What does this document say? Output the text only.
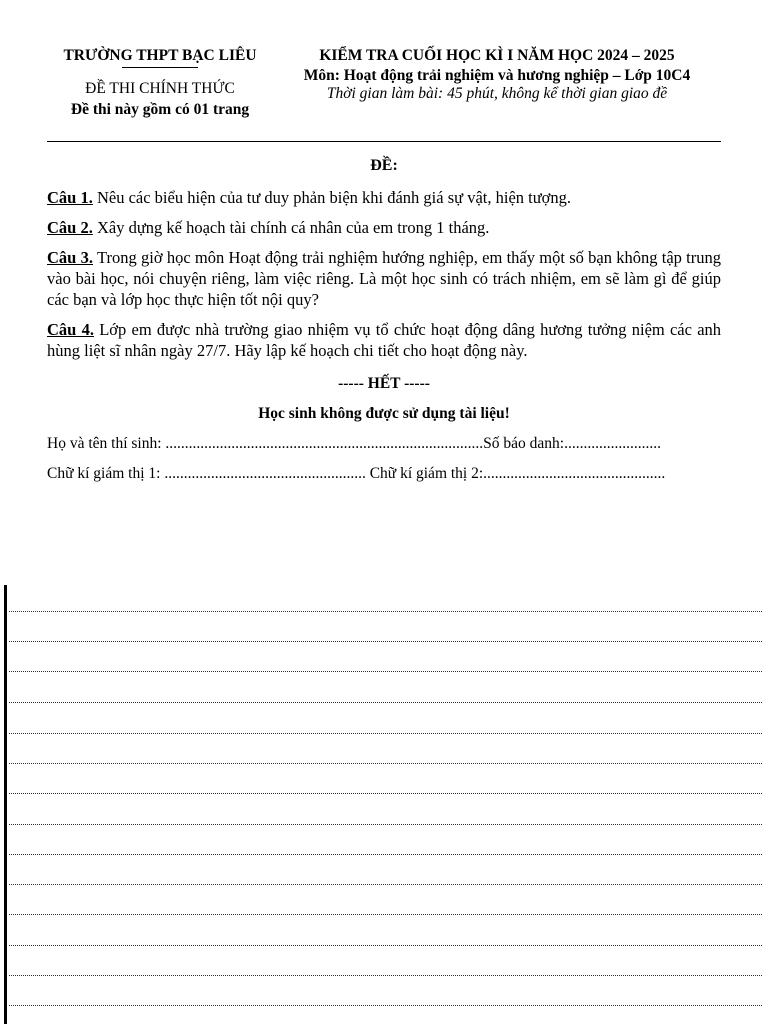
TRƯỜNG THPT BẠC LIÊU
ĐỀ THI CHÍNH THỨC
Đề thi này gồm có 01 trang
KIỂM TRA CUỐI HỌC KÌ I NĂM HỌC 2024 – 2025
Môn: Hoạt động trải nghiệm và hương nghiệp – Lớp 10C4
Thời gian làm bài: 45 phút, không kể thời gian giao đề
ĐỀ:

Câu 1. Nêu các biểu hiện của tư duy phản biện khi đánh giá sự vật, hiện tượng.

Câu 2. Xây dựng kế hoạch tài chính cá nhân của em trong 1 tháng.

Câu 3. Trong giờ học môn Hoạt động trải nghiệm hướng nghiệp, em thấy một số bạn không tập trung vào bài học, nói chuyện riêng, làm việc riêng. Là một học sinh có trách nhiệm, em sẽ làm gì để giúp các bạn và lớp học thực hiện tốt nội quy?

Câu 4. Lớp em được nhà trường giao nhiệm vụ tổ chức hoạt động dâng hương tưởng niệm các anh hùng liệt sĩ nhân ngày 27/7. Hãy lập kế hoạch chi tiết cho hoạt động này.

----- HẾT -----
Học sinh không được sử dụng tài liệu!
Họ và tên thí sinh: ..................................................................................Số báo danh:.........................
Chữ kí giám thị 1: .................................................... Chữ kí giám thị 2:...............................................
